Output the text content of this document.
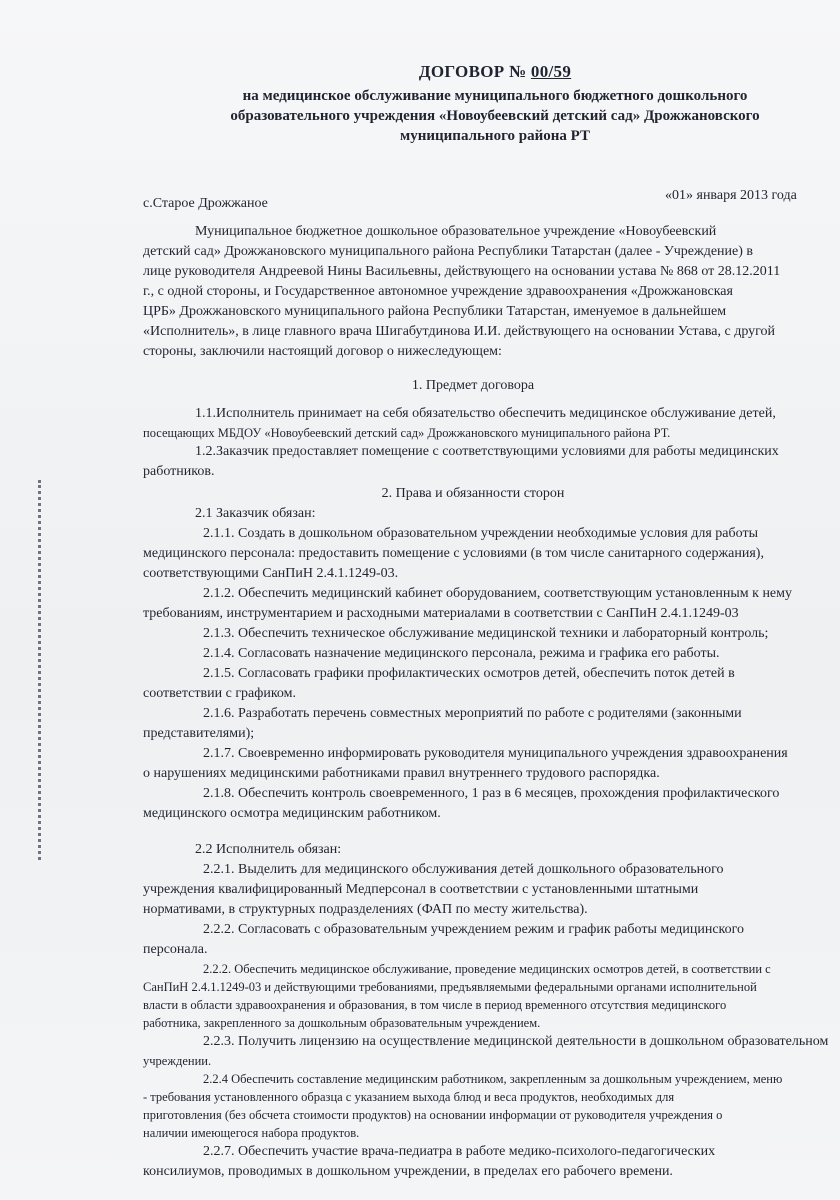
ДОГОВОР № 00/59
на медицинское обслуживание муниципального бюджетного дошкольного
образовательного учреждения «Новоубеевский детский сад» Дрожжановского
муниципального района РТ
с.Старое Дрожжаное
«01» января 2013 года

Муниципальное бюджетное дошкольное образовательное учреждение «Новоубеевский

детский сад» Дрожжановского муниципального района Республики Татарстан (далее - Учреждение) в

лице руководителя Андреевой Нины Васильевны, действующего на основании устава № 868 от 28.12.2011

г., с одной стороны, и Государственное автономное учреждение здравоохранения «Дрожжановская

ЦРБ» Дрожжановского муниципального района Республики Татарстан, именуемое в дальнейшем

«Исполнитель», в лице главного врача Шигабутдинова И.И. действующего на основании Устава, с другой

стороны, заключили настоящий договор о нижеследующем:

1. Предмет договора

1.1.Исполнитель принимает на себя обязательство обеспечить медицинское обслуживание детей,

посещающих МБДОУ «Новоубеевский детский сад» Дрожжановского муниципального района РТ.

1.2.Заказчик предоставляет помещение с соответствующими условиями для работы медицинских

работников.

2. Права и обязанности сторон

2.1 Заказчик обязан:

2.1.1. Создать в дошкольном образовательном учреждении необходимые условия для работы

медицинского персонала: предоставить помещение с условиями (в том числе санитарного содержания),

соответствующими СанПиН 2.4.1.1249-03.

2.1.2. Обеспечить медицинский кабинет оборудованием, соответствующим установленным к нему

требованиям, инструментарием и расходными материалами в соответствии с СанПиН 2.4.1.1249-03

2.1.3. Обеспечить техническое обслуживание медицинской техники и лабораторный контроль;

2.1.4. Согласовать назначение медицинского персонала, режима и графика его работы.

2.1.5. Согласовать графики профилактических осмотров детей, обеспечить поток детей в

соответствии с графиком.

2.1.6. Разработать перечень совместных мероприятий по работе с родителями (законными

представителями);

2.1.7. Своевременно информировать руководителя муниципального учреждения здравоохранения

о нарушениях медицинскими работниками правил внутреннего трудового распорядка.

2.1.8. Обеспечить контроль своевременного, 1 раз в 6 месяцев, прохождения профилактического

медицинского осмотра медицинским работником.

2.2 Исполнитель обязан:

2.2.1. Выделить для медицинского обслуживания детей дошкольного образовательного

учреждения квалифицированный Медперсонал в соответствии с установленными штатными

нормативами, в структурных подразделениях (ФАП по месту жительства).

2.2.2. Согласовать с образовательным учреждением режим и график работы медицинского

персонала.

2.2.2. Обеспечить медицинское обслуживание, проведение медицинских осмотров детей, в соответствии с

СанПиН 2.4.1.1249-03 и действующими требованиями, предъявляемыми федеральными органами исполнительной

власти в области здравоохранения и образования, в том числе в период временного отсутствия медицинского

работника, закрепленного за дошкольным образовательным учреждением.

2.2.3. Получить лицензию на осуществление медицинской деятельности в дошкольном образовательном

учреждении.

2.2.4 Обеспечить составление медицинским работником, закрепленным за дошкольным учреждением, меню

- требования установленного образца с указанием выхода блюд и веса продуктов, необходимых для

приготовления (без обсчета стоимости продуктов) на основании информации от руководителя учреждения о

наличии имеющегося набора продуктов.

2.2.7. Обеспечить участие врача-педиатра в работе медико-психолого-педагогических

консилиумов, проводимых в дошкольном учреждении, в пределах его рабочего времени.
